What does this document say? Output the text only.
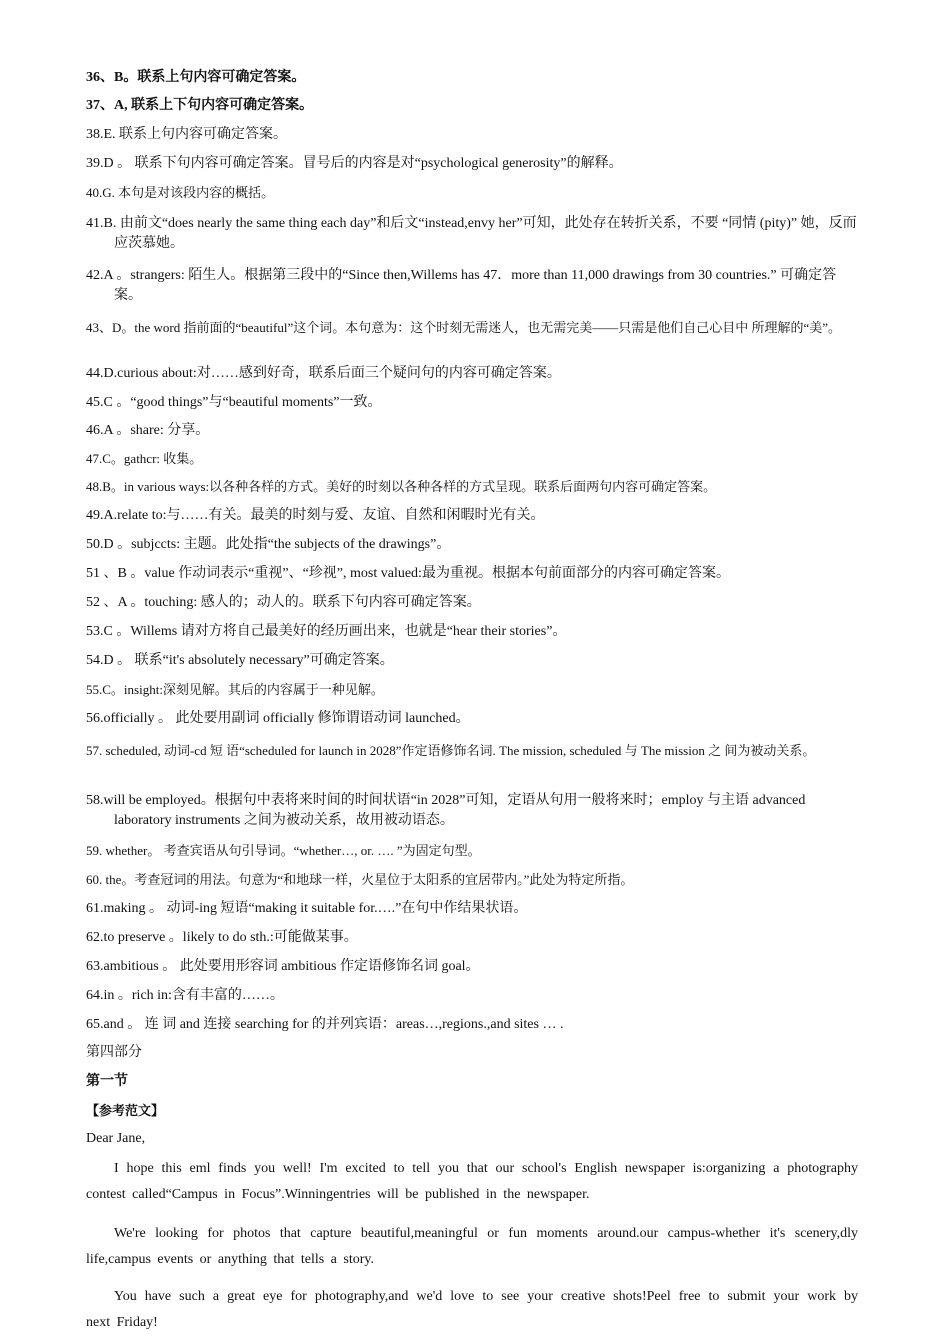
36、B。联系上句内容可确定答案。
37、A, 联系上下句内容可确定答案。
38.E. 联系上句内容可确定答案。
39.D 。 联系下句内容可确定答案。冒号后的内容是对“psychological generosity”的解释。
40.G. 本句是对该段内容的概括。
41.B. 由前文“does nearly the same thing each day”和后文“instead,envy her”可知，此处存在转折关系，不要 “同情 (pity)” 她，反而应茨慕她。
42.A 。strangers: 陌生人。根据第三段中的“Since then,Willems has 47．more than 11,000 drawings from 30 countries.” 可确定答案。
43、D。the word 指前面的“beautiful”这个词。本句意为：这个时刻无需迷人，也无需完美——只需是他们自己心目中 所理解的“美”。
44.D.curious about:对……感到好奇，联系后面三个疑问句的内容可确定答案。
45.C 。“good things”与“beautiful moments”一致。
46.A 。share: 分享。
47.C。gathcr: 收集。
48.B。in various ways:以各种各样的方式。美好的时刻以各种各样的方式呈现。联系后面两句内容可确定答案。
49.A.relate to:与……有关。最美的时刻与爱、友谊、自然和闲暇时光有关。
50.D 。subjccts: 主题。此处指“the subjects of the drawings”。
51 、B 。value 作动词表示“重视”、“珍视”, most valued:最为重视。根据本句前面部分的内容可确定答案。
52 、A 。touching: 感人的；动人的。联系下句内容可确定答案。
53.C 。Willems 请对方将自己最美好的经历画出来，也就是“hear their stories”。
54.D 。 联系“it's absolutely necessary”可确定答案。
55.C。insight:深刻见解。其后的内容属于一种见解。
56.officially 。 此处要用副词 officially 修饰谓语动词 launched。
57. scheduled, 动词-cd 短 语“scheduled for launch in 2028”作定语修饰名词. The mission, scheduled 与 The mission 之 间为被动关系。
58.will be employed。根据句中表将来时间的时间状语“in 2028”可知，定语从句用一般将来时；employ 与主语 advanced laboratory instruments 之间为被动关系，故用被动语态。
59. whether。 考查宾语从句引导词。“whether…, or. …. ”为固定句型。
60. the。考查冠词的用法。句意为“和地球一样，火星位于太阳系的宜居带内。”此处为特定所指。
61.making 。 动词-ing 短语“making it suitable for.….”在句中作结果状语。
62.to preserve 。likely to do sth.:可能做某事。
63.ambitious 。 此处要用形容词 ambitious 作定语修饰名词 goal。
64.in 。rich in:含有丰富的……。
65.and 。 连 词 and 连接 searching for 的并列宾语：areas…,regions.,and sites … .
第四部分
第一节
【参考范文】
Dear Jane,
I hope this eml finds you well! I'm excited to tell you that our school's English newspaper is:organizing a photography contest called“Campus in Focus”.Winningentries will be published in the newspaper.
We're looking for photos that capture beautiful,meaningful or fun moments around.our campus-whether it's scenery,dly life,campus events or anything that tells a story.
You have such a great eye for photography,and we'd love to see your creative shots!Peel free to submit your work by next Friday!
